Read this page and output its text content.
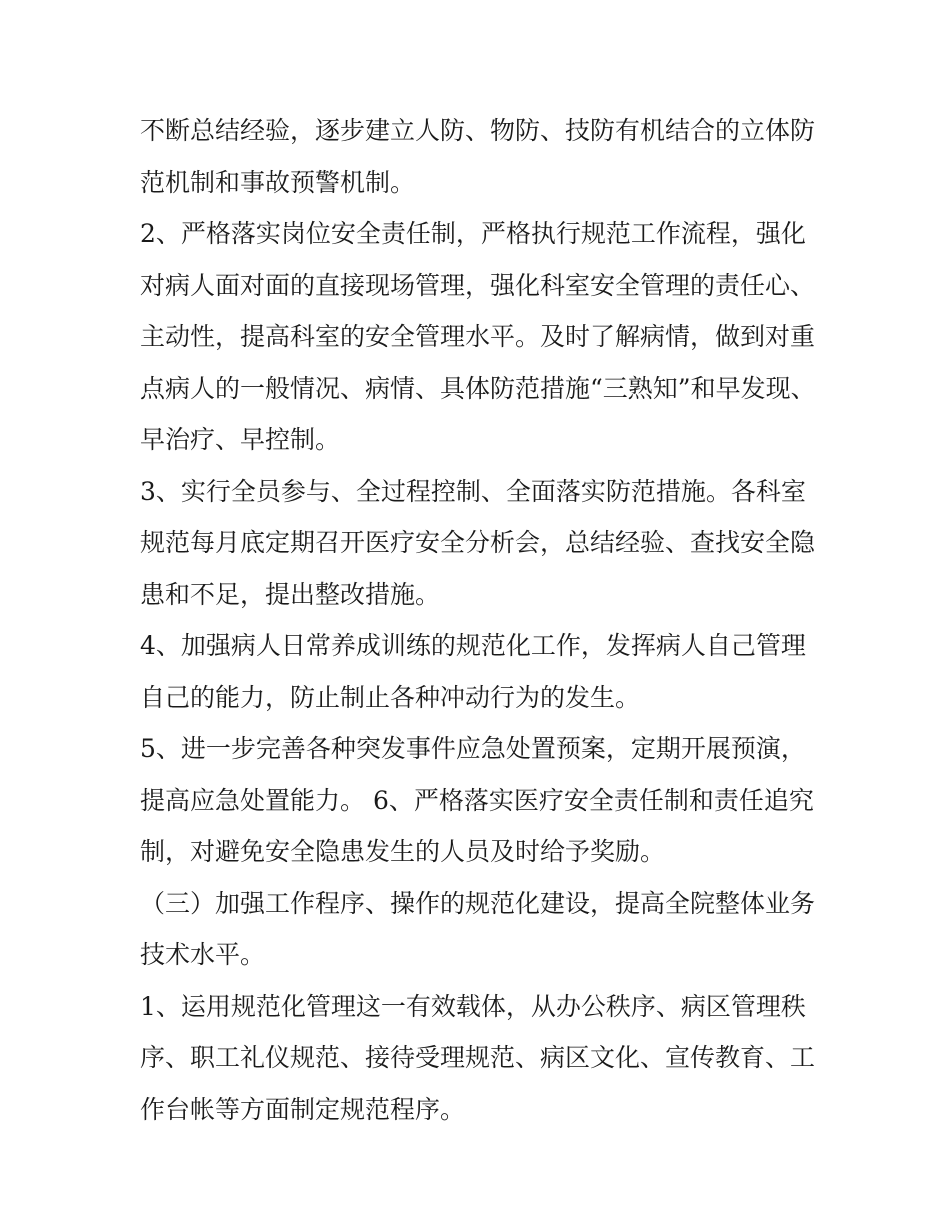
不断总结经验，逐步建立人防、物防、技防有机结合的立体防
范机制和事故预警机制。
2、严格落实岗位安全责任制，严格执行规范工作流程，强化
对病人面对面的直接现场管理，强化科室安全管理的责任心、
主动性，提高科室的安全管理水平。及时了解病情，做到对重
点病人的一般情况、病情、具体防范措施“三熟知”和早发现、
早治疗、早控制。
3、实行全员参与、全过程控制、全面落实防范措施。各科室
规范每月底定期召开医疗安全分析会，总结经验、查找安全隐
患和不足，提出整改措施。
4、加强病人日常养成训练的规范化工作，发挥病人自己管理
自己的能力，防止制止各种冲动行为的发生。
5、进一步完善各种突发事件应急处置预案，定期开展预演，
提高应急处置能力。 6、严格落实医疗安全责任制和责任追究
制，对避免安全隐患发生的人员及时给予奖励。
（三）加强工作程序、操作的规范化建设，提高全院整体业务
技术水平。
1、运用规范化管理这一有效载体，从办公秩序、病区管理秩
序、职工礼仪规范、接待受理规范、病区文化、宣传教育、工
作台帐等方面制定规范程序。
